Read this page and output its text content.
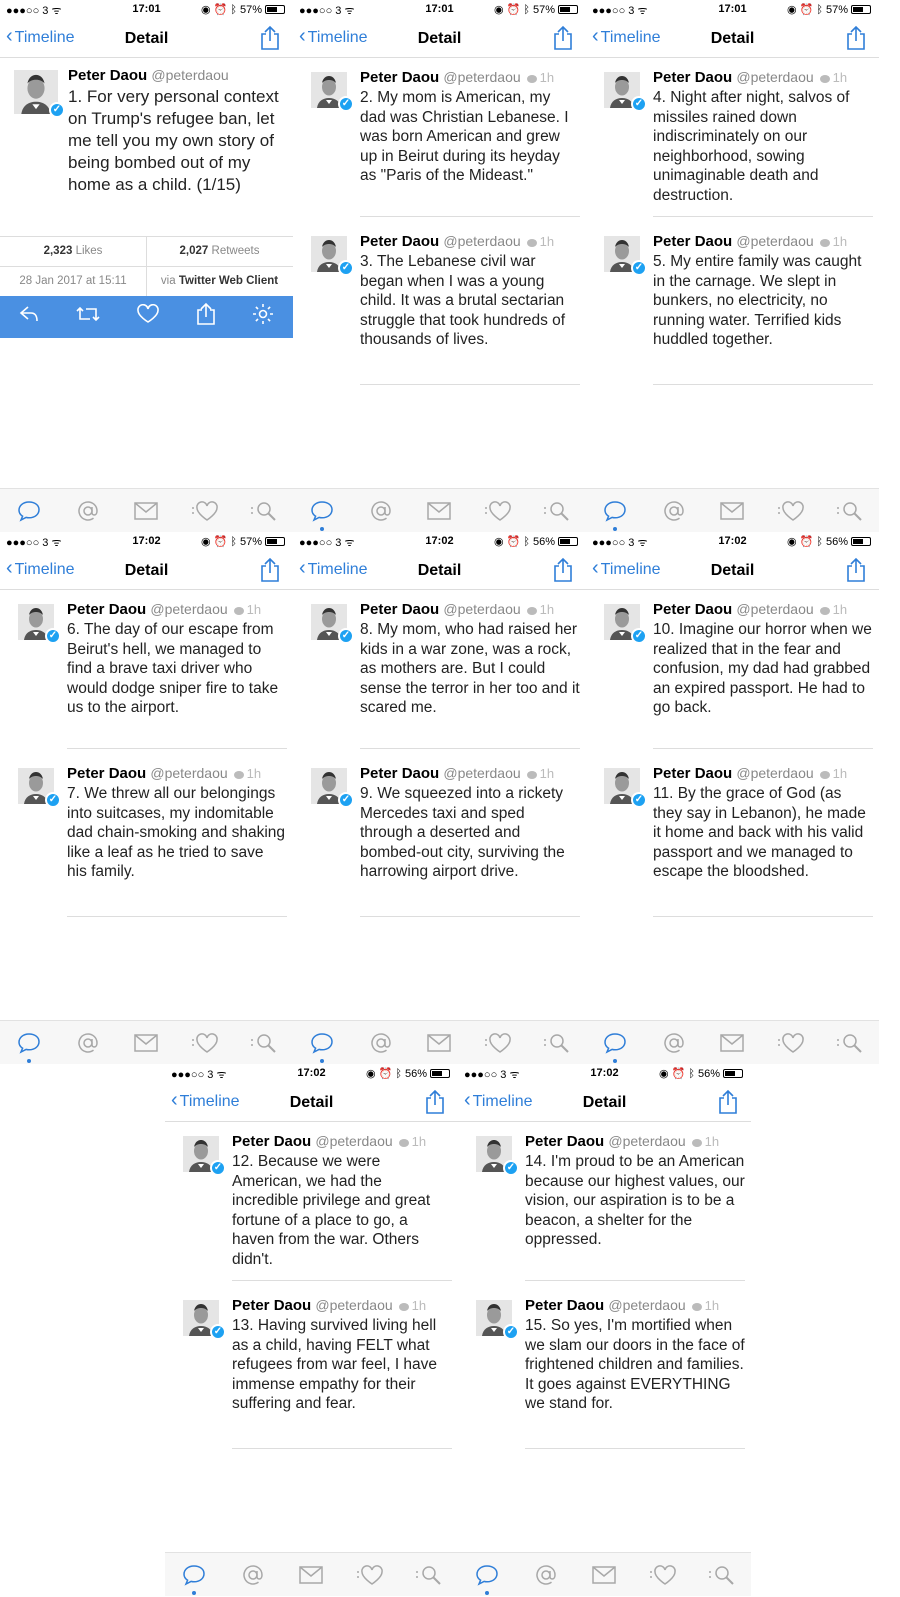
●●●○○ 3 ᯤ	17:01	◉ ⏰ ᛒ 57%
‹ Timeline	Detail
✓
Peter Daou @peterdaou
1. For very personal context on Trump's refugee ban, let me tell you my own story of being bombed out of my home as a child. (1/15)
2,323 Likes	2,027 Retweets
28 Jan 2017 at 15:11	via Twitter Web Client
●●●○○ 3 ᯤ	17:01	◉ ⏰ ᛒ 57%
‹ Timeline	Detail
✓
Peter Daou @peterdaou 1h
2. My mom is American, my dad was Christian Lebanese. I was born American and grew up in Beirut during its heyday as "Paris of the Mideast."
✓
Peter Daou @peterdaou 1h
3. The Lebanese civil war began when I was a young child. It was a brutal sectarian struggle that took hundreds of thousands of lives.
●●●○○ 3 ᯤ	17:01	◉ ⏰ ᛒ 57%
‹ Timeline	Detail
✓
Peter Daou @peterdaou 1h
4. Night after night, salvos of missiles rained down indiscriminately on our neighborhood, sowing unimaginable death and destruction.
✓
Peter Daou @peterdaou 1h
5. My entire family was caught in the carnage. We slept in bunkers, no electricity, no running water. Terrified kids huddled together.
●●●○○ 3 ᯤ	17:02	◉ ⏰ ᛒ 57%
‹ Timeline	Detail
✓
Peter Daou @peterdaou 1h
6. The day of our escape from Beirut's hell, we managed to find a brave taxi driver who would dodge sniper fire to take us to the airport.
✓
Peter Daou @peterdaou 1h
7. We threw all our belongings into suitcases, my indomitable dad chain-smoking and shaking like a leaf as he tried to save his family.
●●●○○ 3 ᯤ	17:02	◉ ⏰ ᛒ 56%
‹ Timeline	Detail
✓
Peter Daou @peterdaou 1h
8. My mom, who had raised her kids in a war zone, was a rock, as mothers are. But I could sense the terror in her too and it scared me.
✓
Peter Daou @peterdaou 1h
9. We squeezed into a rickety Mercedes taxi and sped through a deserted and bombed-out city, surviving the harrowing airport drive.
●●●○○ 3 ᯤ	17:02	◉ ⏰ ᛒ 56%
‹ Timeline	Detail
✓
Peter Daou @peterdaou 1h
10. Imagine our horror when we realized that in the fear and confusion, my dad had grabbed an expired passport. He had to go back.
✓
Peter Daou @peterdaou 1h
11. By the grace of God (as they say in Lebanon), he made it home and back with his valid passport and we managed to escape the bloodshed.
●●●○○ 3 ᯤ	17:02	◉ ⏰ ᛒ 56%
‹ Timeline	Detail
✓
Peter Daou @peterdaou 1h
12. Because we were American, we had the incredible privilege and great fortune of a place to go, a haven from the war. Others didn't.
✓
Peter Daou @peterdaou 1h
13. Having survived living hell as a child, having FELT what refugees from war feel, I have immense empathy for their suffering and fear.
●●●○○ 3 ᯤ	17:02	◉ ⏰ ᛒ 56%
‹ Timeline	Detail
✓
Peter Daou @peterdaou 1h
14. I'm proud to be an American because our highest values, our vision, our aspiration is to be a beacon, a shelter for the oppressed.
✓
Peter Daou @peterdaou 1h
15. So yes, I'm mortified when we slam our doors in the face of frightened children and families. It goes against EVERYTHING we stand for.
